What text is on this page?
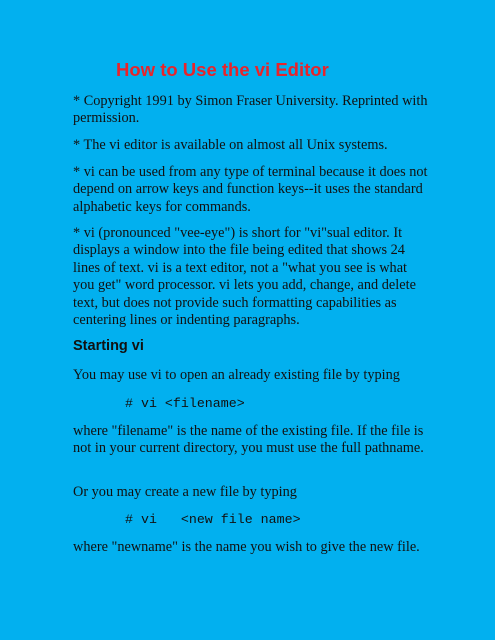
How to Use the vi Editor
* Copyright 1991 by Simon Fraser University. Reprinted with permission.
* The vi editor is available on almost all Unix systems.
* vi can be used from any type of terminal because it does not depend on arrow keys and function keys--it uses the standard alphabetic keys for commands.
* vi (pronounced "vee-eye") is short for "vi"sual editor. It displays a window into the file being edited that shows 24 lines of text. vi is a text editor, not a "what you see is what you get" word processor. vi lets you add, change, and delete text, but does not provide such formatting capabilities as centering lines or indenting paragraphs.
Starting vi
You may use vi to open an already existing file by typing
# vi <filename>
where "filename" is the name of the existing file. If the file is not in your current directory, you must use the full pathname.
Or you may create a new file by typing
# vi   <new file name>
where "newname" is the name you wish to give the new file.
